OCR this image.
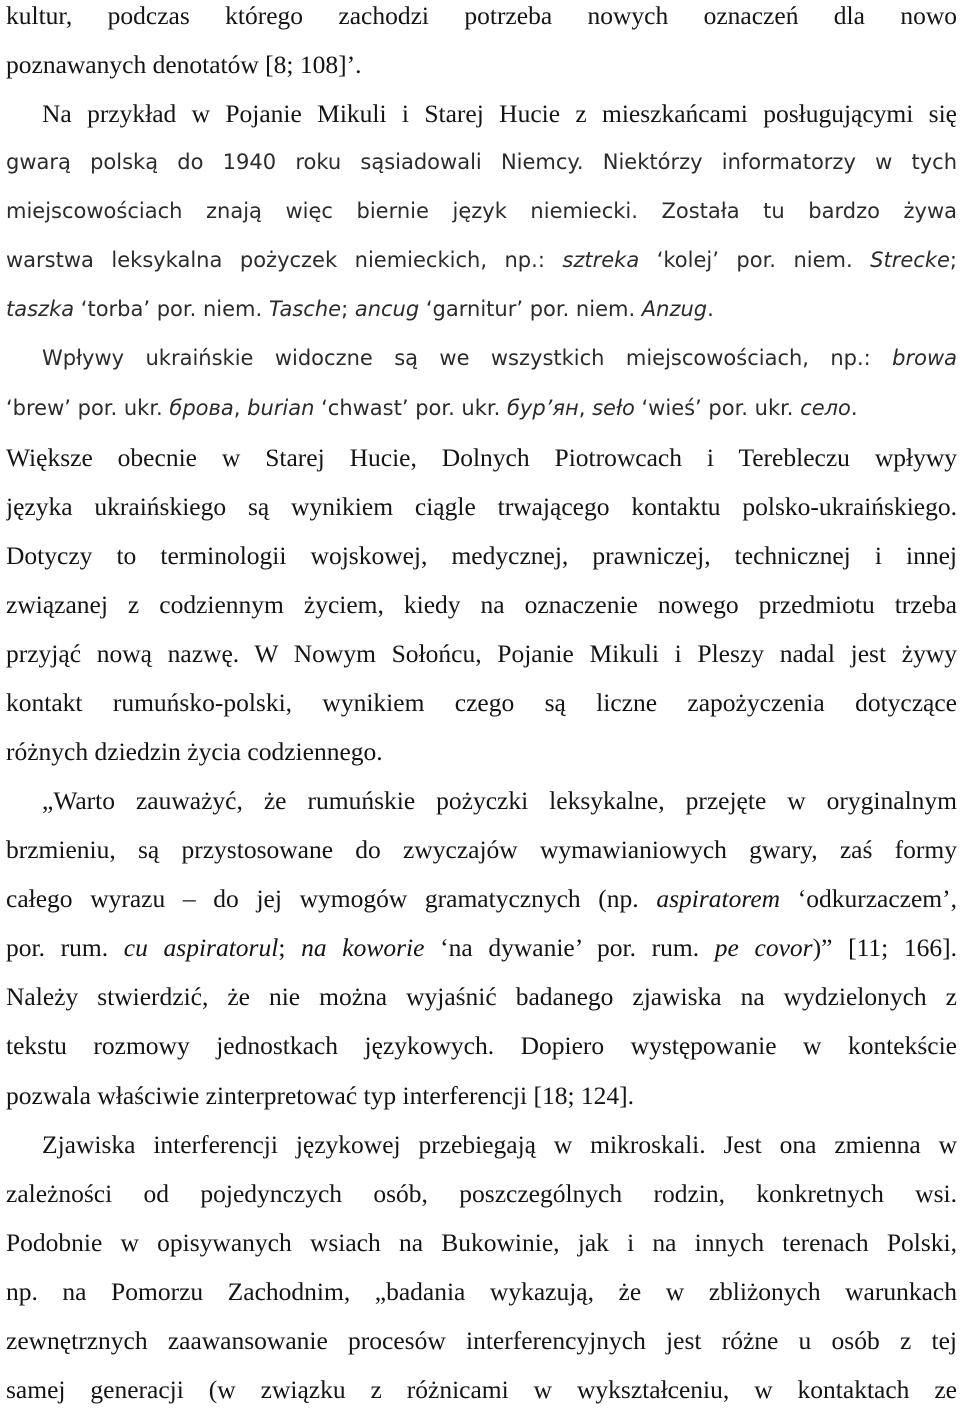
kultur, podczas którego zachodzi potrzeba nowych oznaczeń dla nowo
poznawanych denotatów [8; 108]’.
Na przykład w Pojanie Mikuli i Starej Hucie z mieszkańcami posługującymi się
gwarą polską do 1940 roku sąsiadowali Niemcy. Niektórzy informatorzy w tych
miejscowościach znają więc biernie język niemiecki. Została tu bardzo żywa
warstwa leksykalna pożyczek niemieckich, np.: sztreka ‘kolej’ por. niem. Strecke;
taszka ‘torba’ por. niem. Tasche; ancug ‘garnitur’ por. niem. Anzug.
Wpływy ukraińskie widoczne są we wszystkich miejscowościach, np.: browa
‘brew’ por. ukr. брова, burian ‘chwast’ por. ukr. бур’ян, sełо ‘wieś’ por. ukr. село.
Większe obecnie w Starej Hucie, Dolnych Piotrowcach i Terebleczu wpływy
języka ukraińskiego są wynikiem ciągle trwającego kontaktu polsko-ukraińskiego.
Dotyczy to terminologii wojskowej, medycznej, prawniczej, technicznej i innej
związanej z codziennym życiem, kiedy na oznaczenie nowego przedmiotu trzeba
przyjąć nową nazwę. W Nowym Sołońcu, Pojanie Mikuli i Pleszy nadal jest żywy
kontakt rumuńsko-polski, wynikiem czego są liczne zapożyczenia dotyczące
różnych dziedzin życia codziennego.
„Warto zauważyć, że rumuńskie pożyczki leksykalne, przejęte w oryginalnym
brzmieniu, są przystosowane do zwyczajów wymawianiowych gwary, zaś formy
całego wyrazu – do jej wymogów gramatycznych (np. aspiratorem ‘odkurzaczem’,
por. rum. cu aspiratorul; na koworie ‘na dywanie’ por. rum. pe covor)” [11; 166].
Należy stwierdzić, że nie można wyjaśnić badanego zjawiska na wydzielonych z
tekstu rozmowy jednostkach językowych. Dopiero występowanie w kontekście
pozwala właściwie zinterpretować typ interferencji [18; 124].
Zjawiska interferencji językowej przebiegają w mikroskali. Jest ona zmienna w
zależności od pojedynczych osób, poszczególnych rodzin, konkretnych wsi.
Podobnie w opisywanych wsiach na Bukowinie, jak i na innych terenach Polski,
np. na Pomorzu Zachodnim, „badania wykazują, że w zbliżonych warunkach
zewnętrznych zaawansowanie procesów interferencyjnych jest różne u osób z tej
samej generacji (w związku z różnicami w wykształceniu, w kontaktach ze
